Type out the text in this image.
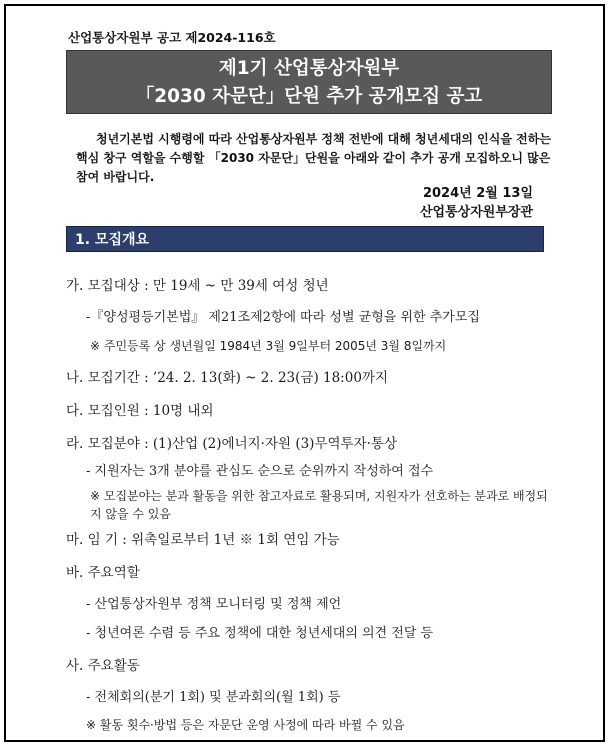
산업통상자원부 공고 제2024-116호
제1기 산업통상자원부
「2030 자문단」단원 추가 공개모집 공고
청년기본법 시행령에 따라 산업통상자원부 정책 전반에 대해 청년세대의 인식을 전하는 핵심 창구 역할을 수행할 「2030 자문단」단원을 아래와 같이 추가 공개 모집하오니 많은 참여 바랍니다.
2024년 2월 13일
산업통상자원부장관
1. 모집개요
가. 모집대상 : 만 19세 ~ 만 39세 여성 청년
-『양성평등기본법』 제21조제2항에 따라 성별 균형을 위한 추가모집
※ 주민등록 상 생년월일 1984년 3월 9일부터 2005년 3월 8일까지
나. 모집기간 : ’24. 2. 13(화) ~ 2. 23(금) 18:00까지
다. 모집인원 : 10명 내외
라. 모집분야 : (1)산업 (2)에너지·자원 (3)무역투자·통상
- 지원자는 3개 분야를 관심도 순으로 순위까지 작성하여 접수
※ 모집분야는 분과 활동을 위한 참고자료로 활용되며, 지원자가 선호하는 분과로 배정되지 않을 수 있음
마. 임 기 : 위촉일로부터 1년 ※ 1회 연임 가능
바. 주요역할
- 산업통상자원부 정책 모니터링 및 정책 제언
- 청년여론 수렴 등 주요 정책에 대한 청년세대의 의견 전달 등
사. 주요활동
- 전체회의(분기 1회) 및 분과회의(월 1회) 등
※ 활동 횟수·방법 등은 자문단 운영 사정에 따라 바뀔 수 있음
